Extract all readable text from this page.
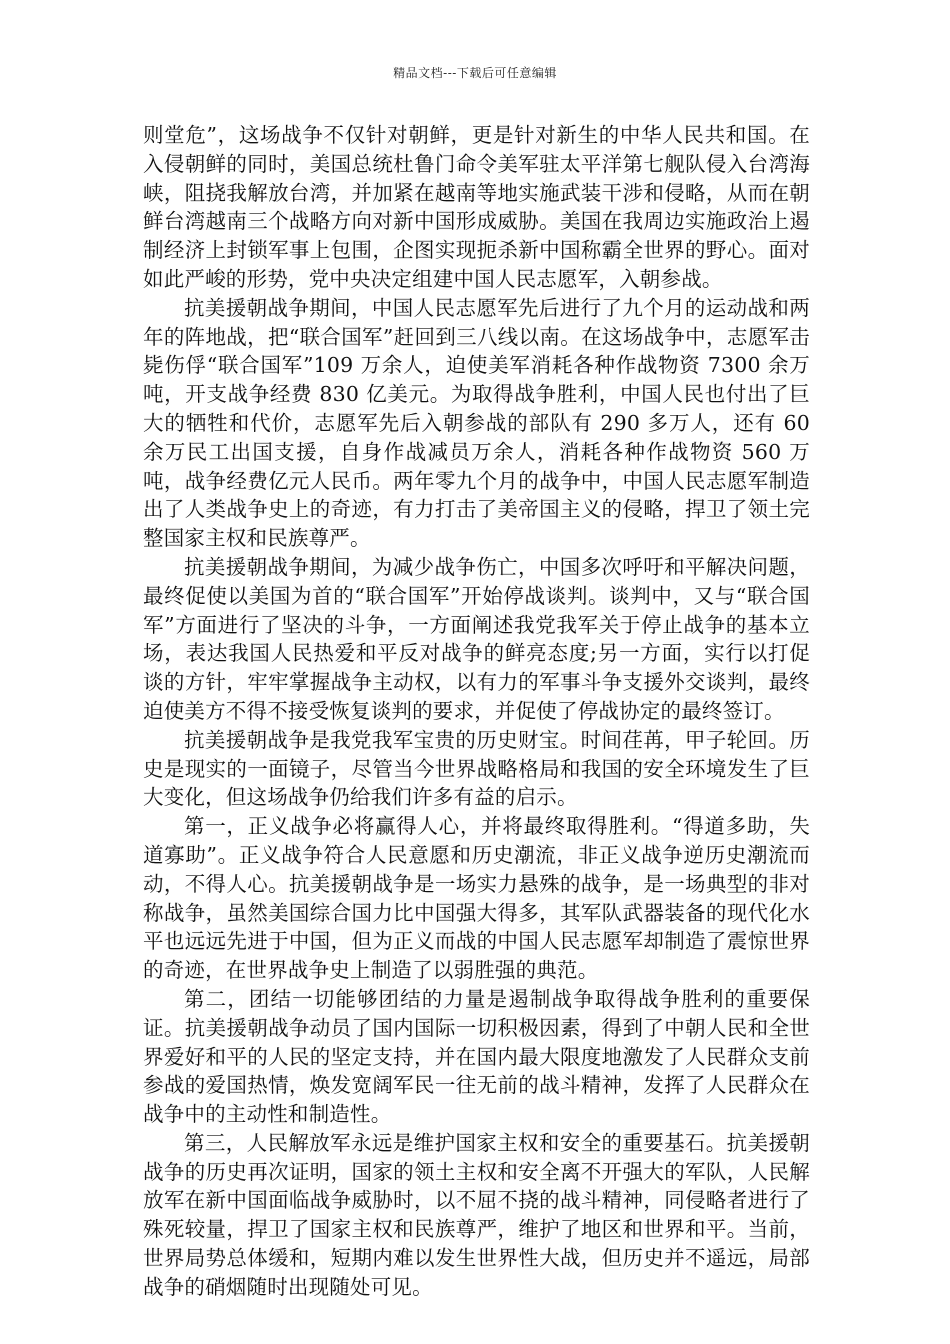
精品文档---下载后可任意编辑

则堂危”，这场战争不仅针对朝鲜，更是针对新生的中华人民共和国。在入侵朝鲜的同时，美国总统杜鲁门命令美军驻太平洋第七舰队侵入台湾海峡，阻挠我解放台湾，并加紧在越南等地实施武装干涉和侵略，从而在朝鲜台湾越南三个战略方向对新中国形成威胁。美国在我周边实施政治上遏制经济上封锁军事上包围，企图实现扼杀新中国称霸全世界的野心。面对如此严峻的形势，党中央决定组建中国人民志愿军，入朝参战。

抗美援朝战争期间，中国人民志愿军先后进行了九个月的运动战和两年的阵地战，把“联合国军”赶回到三八线以南。在这场战争中，志愿军击毙伤俘“联合国军”109 万余人，迫使美军消耗各种作战物资 7300 余万吨，开支战争经费 830 亿美元。为取得战争胜利，中国人民也付出了巨大的牺牲和代价，志愿军先后入朝参战的部队有 290 多万人，还有 60 余万民工出国支援，自身作战减员万余人，消耗各种作战物资 560 万吨，战争经费亿元人民币。两年零九个月的战争中，中国人民志愿军制造出了人类战争史上的奇迹，有力打击了美帝国主义的侵略，捍卫了领土完整国家主权和民族尊严。

抗美援朝战争期间，为减少战争伤亡，中国多次呼吁和平解决问题，最终促使以美国为首的“联合国军”开始停战谈判。谈判中，又与“联合国军”方面进行了坚决的斗争，一方面阐述我党我军关于停止战争的基本立场，表达我国人民热爱和平反对战争的鲜亮态度;另一方面，实行以打促谈的方针，牢牢掌握战争主动权，以有力的军事斗争支援外交谈判，最终迫使美方不得不接受恢复谈判的要求，并促使了停战协定的最终签订。

抗美援朝战争是我党我军宝贵的历史财宝。时间荏苒，甲子轮回。历史是现实的一面镜子，尽管当今世界战略格局和我国的安全环境发生了巨大变化，但这场战争仍给我们许多有益的启示。

第一，正义战争必将赢得人心，并将最终取得胜利。“得道多助，失道寡助”。正义战争符合人民意愿和历史潮流，非正义战争逆历史潮流而动，不得人心。抗美援朝战争是一场实力悬殊的战争，是一场典型的非对称战争，虽然美国综合国力比中国强大得多，其军队武器装备的现代化水平也远远先进于中国，但为正义而战的中国人民志愿军却制造了震惊世界的奇迹，在世界战争史上制造了以弱胜强的典范。

第二，团结一切能够团结的力量是遏制战争取得战争胜利的重要保证。抗美援朝战争动员了国内国际一切积极因素，得到了中朝人民和全世界爱好和平的人民的坚定支持，并在国内最大限度地激发了人民群众支前参战的爱国热情，焕发宽阔军民一往无前的战斗精神，发挥了人民群众在战争中的主动性和制造性。

第三，人民解放军永远是维护国家主权和安全的重要基石。抗美援朝战争的历史再次证明，国家的领土主权和安全离不开强大的军队，人民解放军在新中国面临战争威胁时，以不屈不挠的战斗精神，同侵略者进行了殊死较量，捍卫了国家主权和民族尊严，维护了地区和世界和平。当前，世界局势总体缓和，短期内难以发生世界性大战，但历史并不遥远，局部战争的硝烟随时出现随处可见。
